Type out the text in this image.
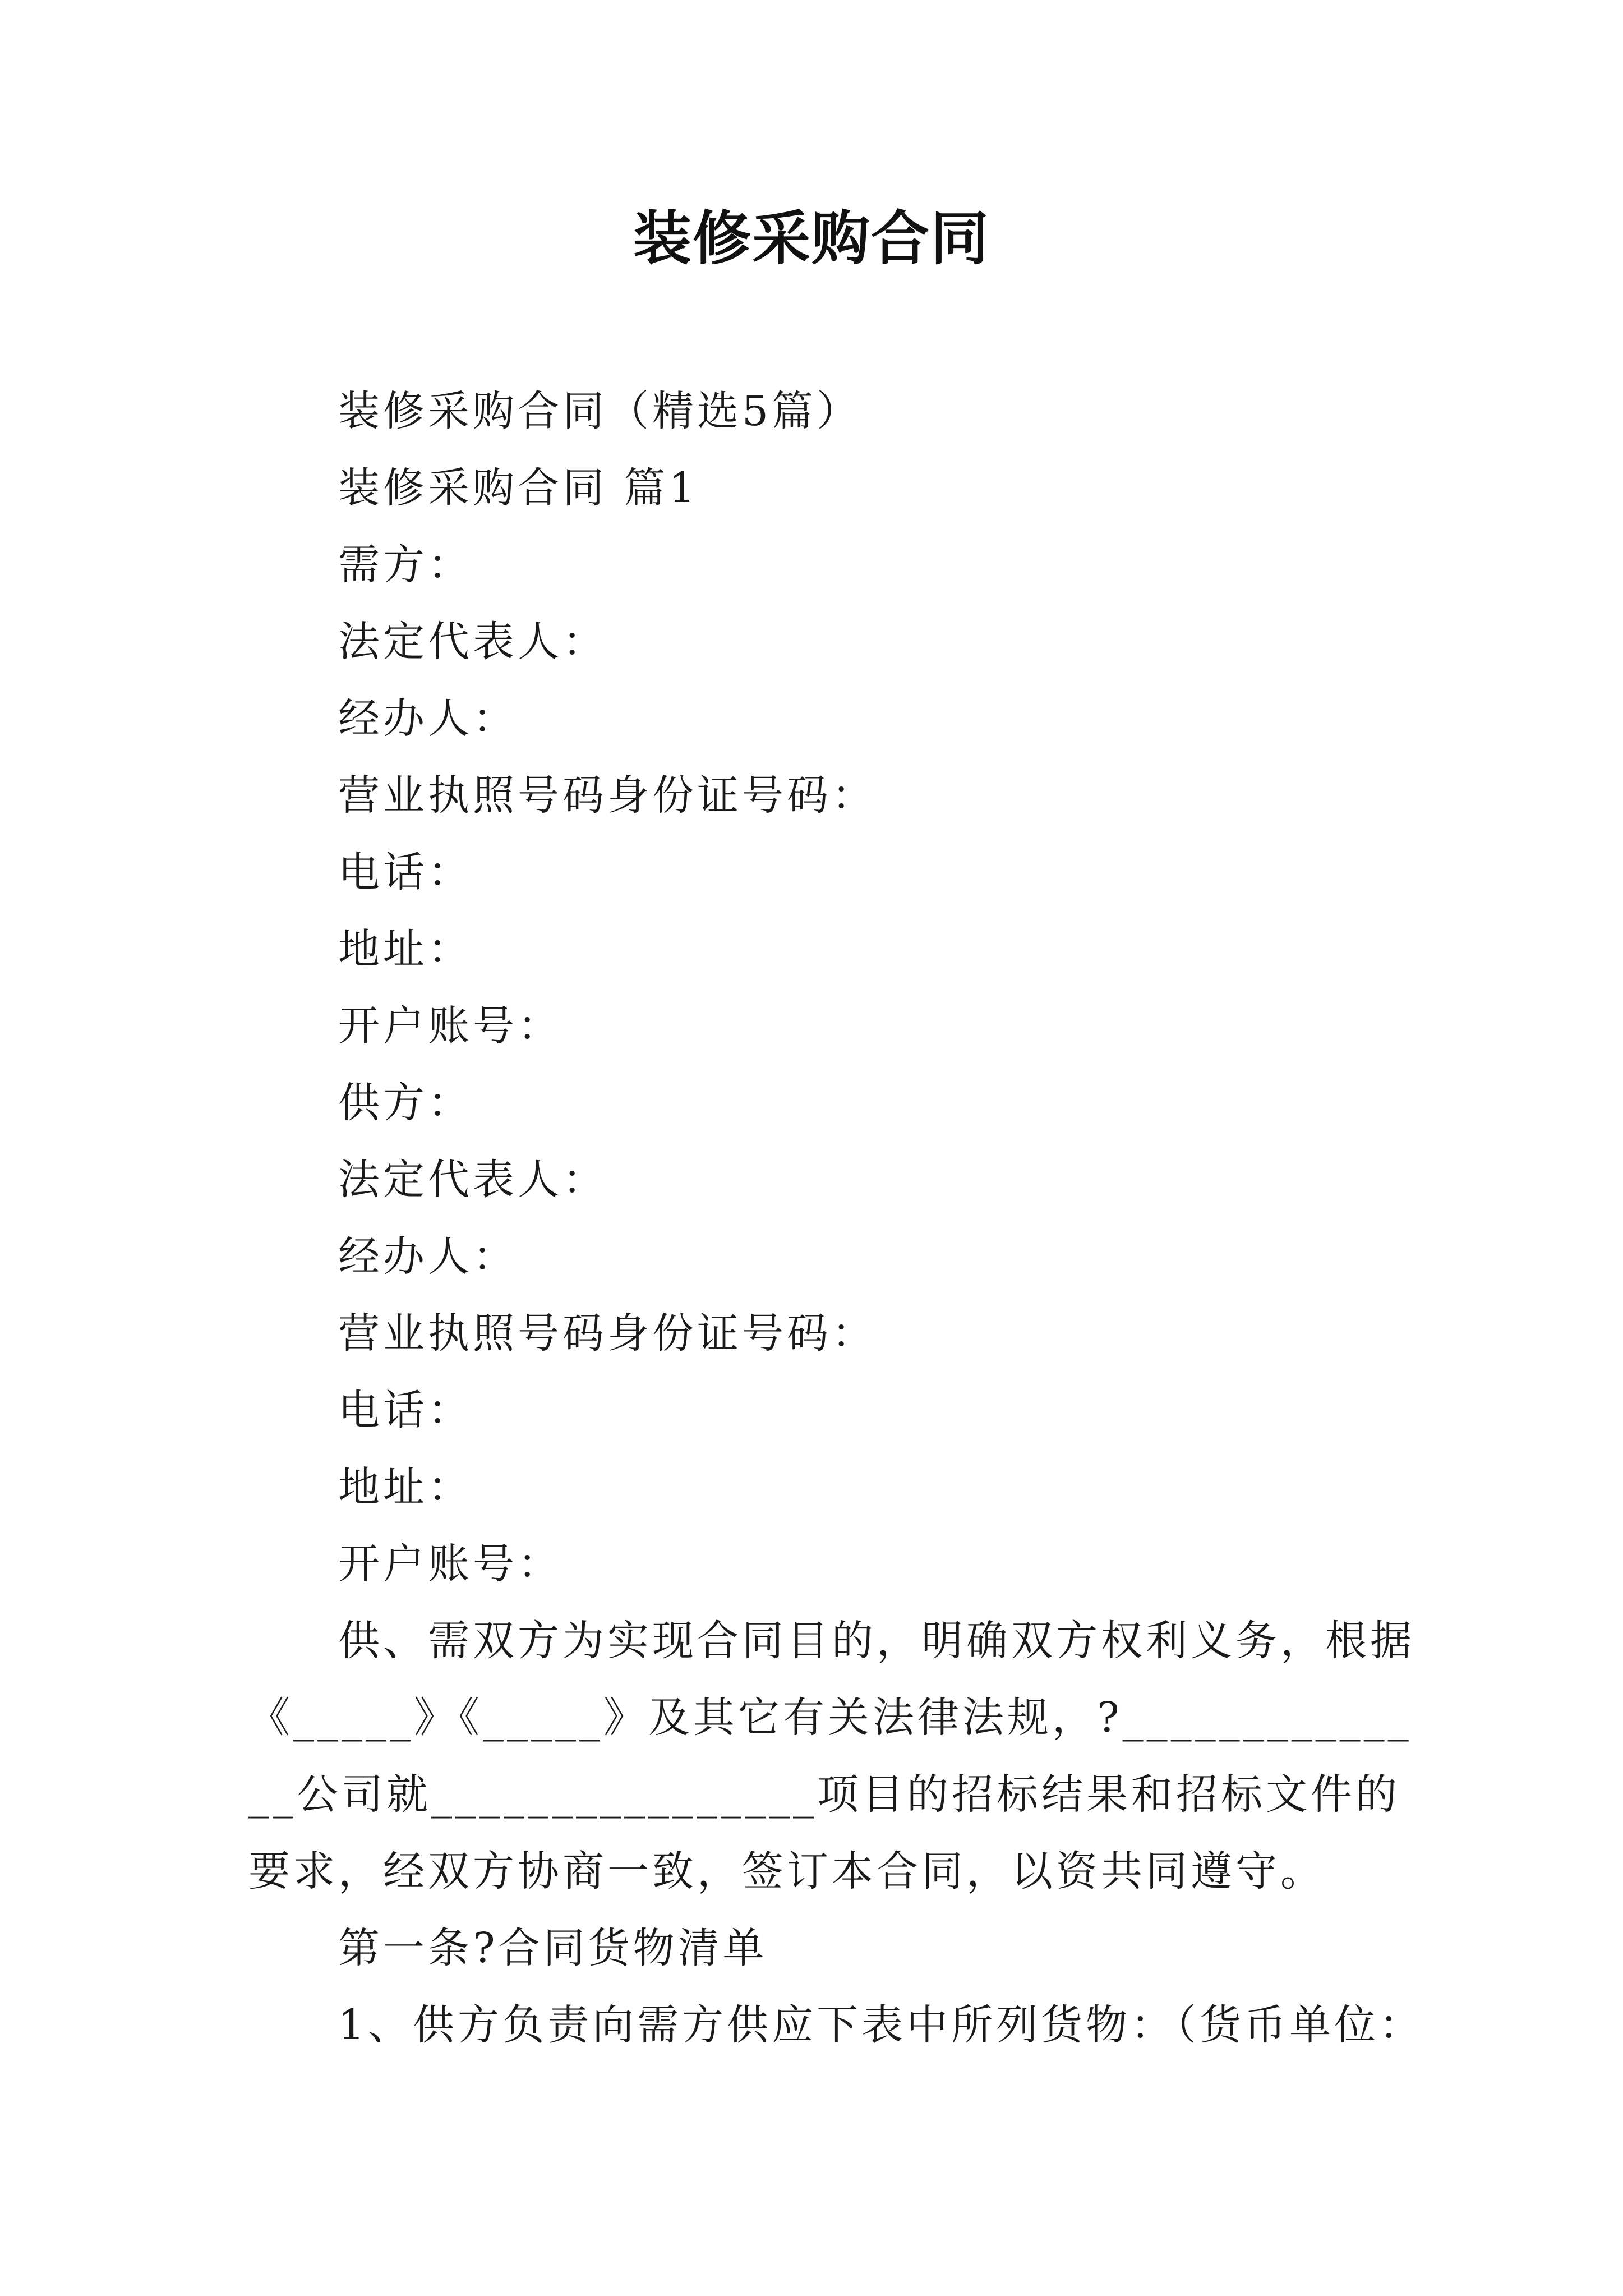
装修采购合同
装修采购合同（精选5篇）
装修采购合同 篇1
需方：
法定代表人：
经办人：
营业执照号码身份证号码：
电话：
地址：
开户账号：
供方：
法定代表人：
经办人：
营业执照号码身份证号码：
电话：
地址：
开户账号：
供、需双方为实现合同目的，明确双方权利义务，根据《_____》《_____》及其它有关法律法规，?______________公司就________________项目的招标结果和招标文件的要求，经双方协商一致，签订本合同，以资共同遵守。
第一条?合同货物清单
1、供方负责向需方供应下表中所列货物：（货币单位：
